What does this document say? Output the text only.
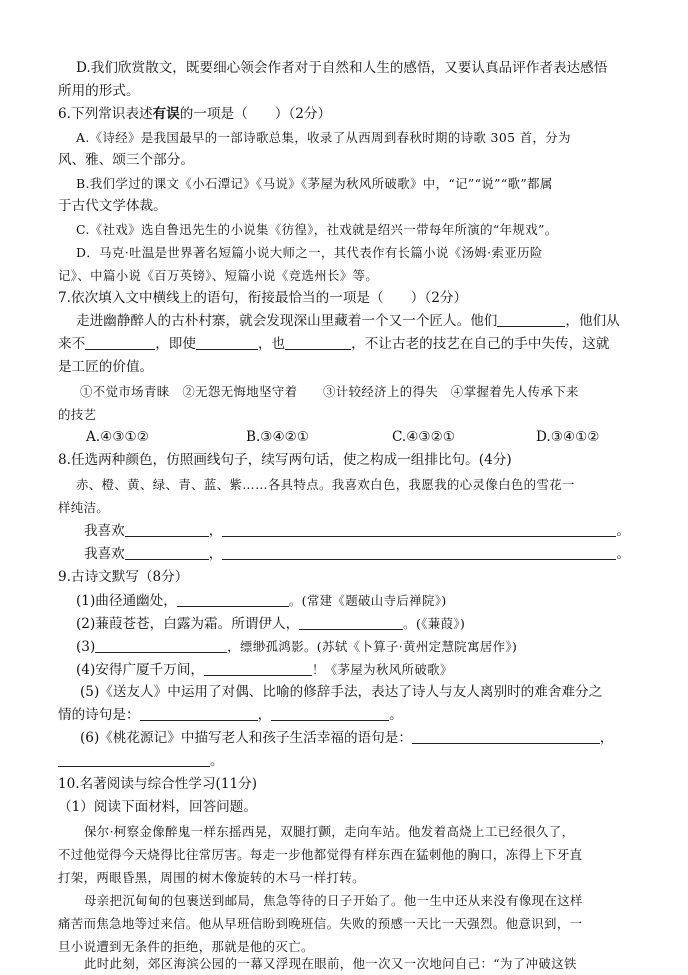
D.我们欣赏散文，既要细心领会作者对于自然和人生的感悟，又要认真品评作者表达感悟
所用的形式。
6.下列常识表述有误的一项是（　　）（2分）
A.《诗经》是我国最早的一部诗歌总集，收录了从西周到春秋时期的诗歌 305 首，分为
风、雅、颂三个部分。
B.我们学过的课文《小石潭记》《马说》《茅屋为秋风所破歌》中，“记”“说”“歌”都属
于古代文学体裁。
C.《社戏》选自鲁迅先生的小说集《彷徨》，社戏就是绍兴一带每年所演的“年规戏”。
D．马克·吐温是世界著名短篇小说大师之一，其代表作有长篇小说《汤姆·索亚历险
记》、中篇小说《百万英镑》、短篇小说《竞选州长》等。
7.依次填入文中横线上的语句，衔接最恰当的一项是（　　）（2分）
走进幽静醉人的古朴村寨，就会发现深山里藏着一个又一个匠人。他们	，他们从
来不	，即使	，也	，不让古老的技艺在自己的手中失传，这就
是工匠的价值。
①不觉市场青睐　②无怨无悔地坚守着　　③计较经济上的得失　④掌握着先人传承下来
的技艺
A.④③①②	B.③④②①	C.④③②①	D.③④①②
8.任选两种颜色，仿照画线句子，续写两句话，使之构成一组排比句。(4分)
赤、橙、黄、绿、青、蓝、紫……各具特点。我喜欢白色，我愿我的心灵像白色的雪花一
样纯洁。
我喜欢	，	。
我喜欢	，	。
9.古诗文默写（8分）
(1)曲径通幽处，	。(常建《题破山寺后禅院》)
(2)蒹葭苍苍，白露为霜。所谓伊人，	。(《蒹葭》)
(3)	，缥缈孤鸿影。(苏轼《卜算子·黄州定慧院寓居作》)
(4)安得广厦千万间，	！《茅屋为秋风所破歌》
(5)《送友人》中运用了对偶、比喻的修辞手法，表达了诗人与友人离别时的难舍难分之
情的诗句是：	，	。
(6)《桃花源记》中描写老人和孩子生活幸福的语句是：	，
。
10.名著阅读与综合性学习(11分)
（1）阅读下面材料，回答问题。
保尔·柯察金像醉鬼一样东摇西晃，双腿打颤，走向车站。他发着高烧上工已经很久了，
不过他觉得今天烧得比往常厉害。每走一步他都觉得有样东西在猛刺他的胸口，冻得上下牙直
打架，两眼昏黑，周围的树木像旋转的木马一样打转。
母亲把沉甸甸的包裹送到邮局，焦急等待的日子开始了。他一生中还从来没有像现在这样
痛苦而焦急地等过来信。他从早班信盼到晚班信。失败的预感一天比一天强烈。他意识到，一
旦小说遭到无条件的拒绝，那就是他的灭亡。
此时此刻，郊区海滨公园的一幕又浮现在眼前，他一次又一次地问自己：“为了冲破这铁
